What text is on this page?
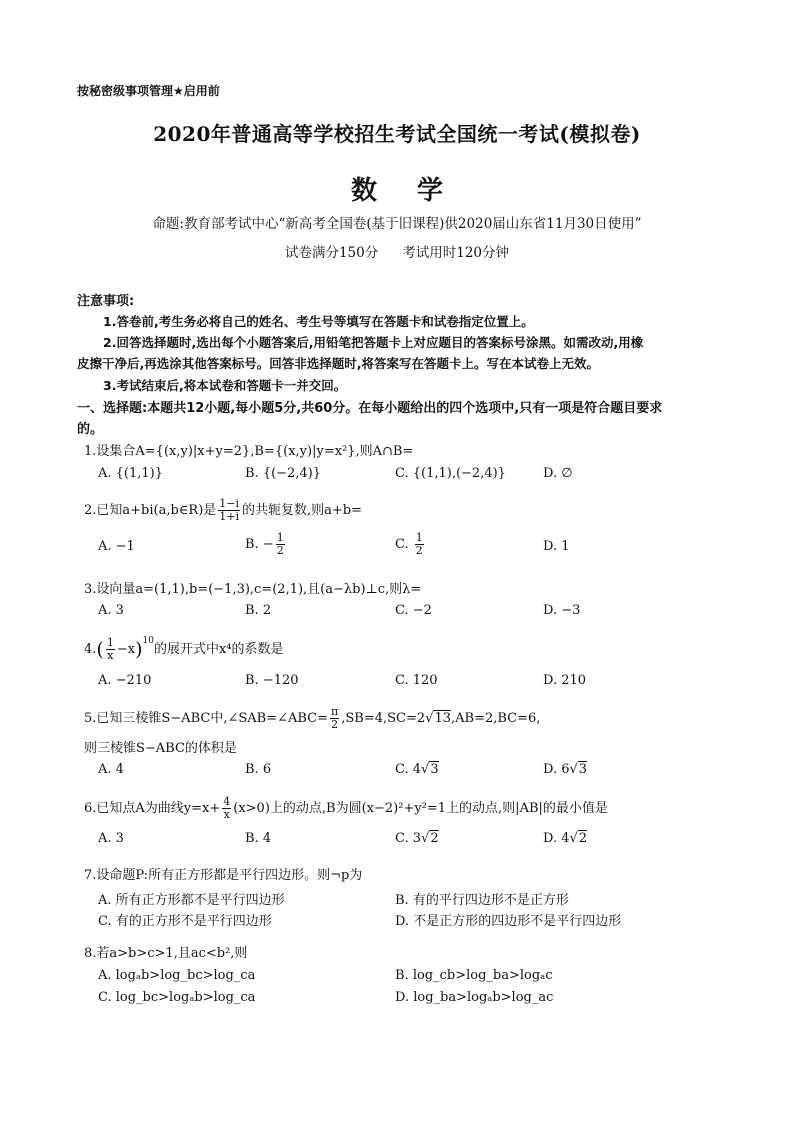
按秘密级事项管理★启用前
2020年普通高等学校招生考试全国统一考试(模拟卷)
数 学
命题:教育部考试中心“新高考全国卷(基于旧课程)供2020届山东省11月30日使用”
试卷满分150分 考试用时120分钟
注意事项:
1.答卷前,考生务必将自己的姓名、考生号等填写在答题卡和试卷指定位置上。
2.回答选择题时,选出每个小题答案后,用铅笔把答题卡上对应题目的答案标号涂黑。如需改动,用橡
皮擦干净后,再选涂其他答案标号。回答非选择题时,将答案写在答题卡上。写在本试卷上无效。
3.考试结束后,将本试卷和答题卡一并交回。
一、选择题:本题共12小题,每小题5分,共60分。在每小题给出的四个选项中,只有一项是符合题目要求
的。
1.设集合A={(x,y)|x+y=2},B={(x,y)|y=x²},则A∩B=
A. {(1,1)}	B. {(−2,4)}	C. {(1,1),(−2,4)}	D. ∅
2.已知a+bi(a,b∈R)是 $\frac{1-i}{1+i}$ 的共轭复数,则a+b=
A. −1	B. − $\frac{1}{2}$	C. $\frac{1}{2}$	D. 1
3.设向量a=(1,1),b=(−1,3),c=(2,1),且(a−λb)⊥c,则λ=
A. 3	B. 2	C. −2	D. −3
$4.( \frac{1}{x} -x)^{10}$的展开式中x⁴的系数是
A. −210	B. −120	C. 120	D. 210
5.已知三棱锥S−ABC中,∠SAB=∠ABC= $\frac{\pi}{2} ,SB=4,SC=2√13,AB=2,BC=6$,
则三棱锥S−ABC的体积是
A. 4	B. 6	C. 4√3	D. 6√3
6.已知点A为曲线$y=x+ \frac{4}{x} (x>0)$上的动点,B为圆(x−2)²+y²=1上的动点,则|AB|的最小值是
A. 3	B. 4	C. 3√2	D. 4√2
7.设命题P:所有正方形都是平行四边形。则¬p为
A. 所有正方形都不是平行四边形	B. 有的平行四边形不是正方形
C. 有的正方形不是平行四边形	D. 不是正方形的四边形不是平行四边形
8.若a>b>c>1,且ac<b²,则
A. logₐb>log_bc>log_ca	B. log_cb>log_ba>logₐc
C. log_bc>logₐb>log_ca	D. log_ba>logₐb>log_ac
